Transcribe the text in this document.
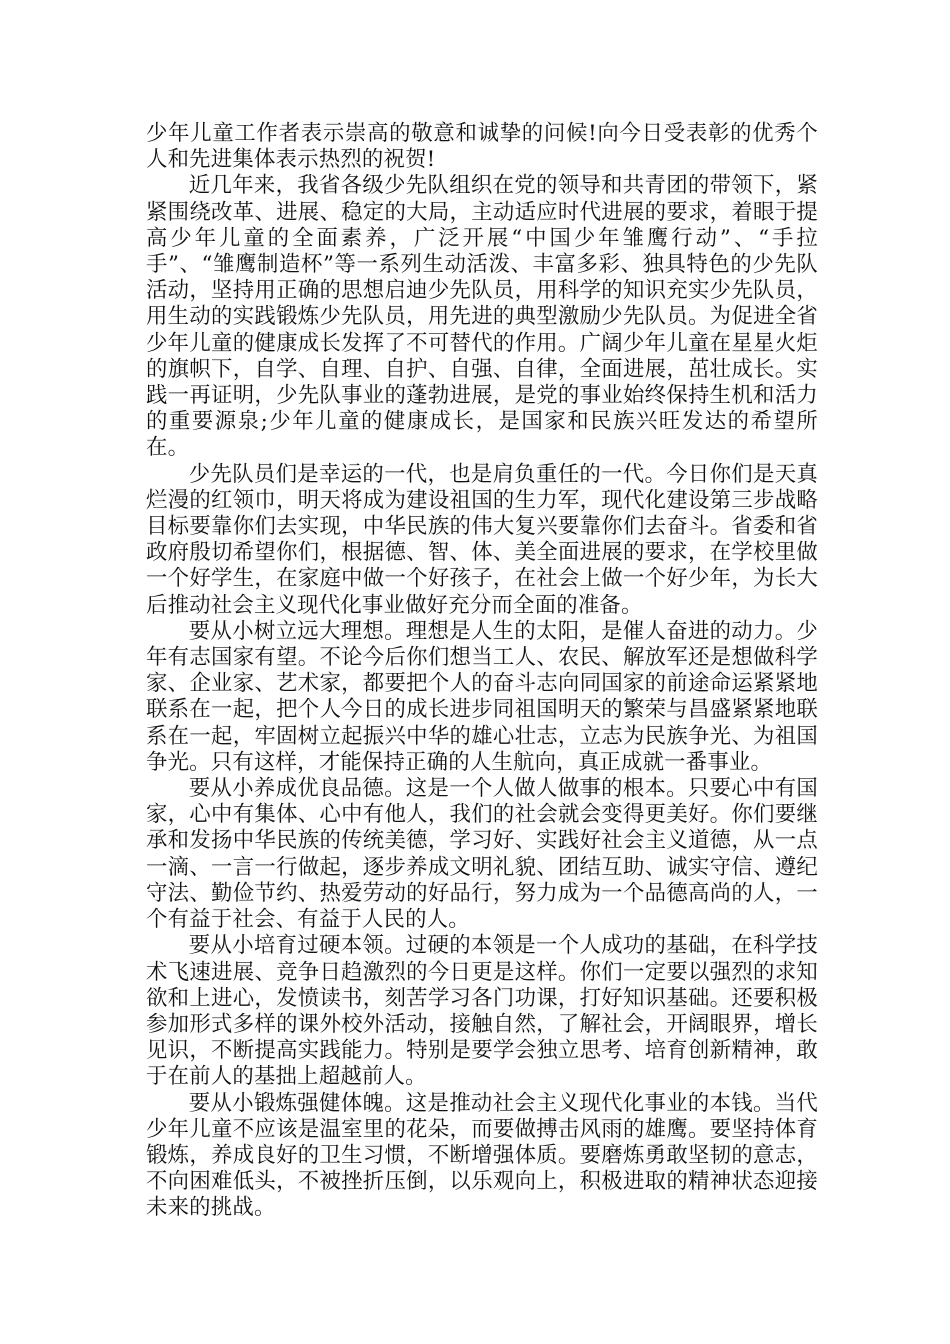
少年儿童工作者表示崇高的敬意和诚挚的问候!向今日受表彰的优秀个人和先进集体表示热烈的祝贺!

近几年来，我省各级少先队组织在党的领导和共青团的带领下，紧紧围绕改革、进展、稳定的大局，主动适应时代进展的要求，着眼于提高少年儿童的全面素养，广泛开展“中国少年雏鹰行动”、“手拉手”、“雏鹰制造杯”等一系列生动活泼、丰富多彩、独具特色的少先队活动，坚持用正确的思想启迪少先队员，用科学的知识充实少先队员，用生动的实践锻炼少先队员，用先进的典型激励少先队员。为促进全省少年儿童的健康成长发挥了不可替代的作用。广阔少年儿童在星星火炬的旗帜下，自学、自理、自护、自强、自律，全面进展，茁壮成长。实践一再证明，少先队事业的蓬勃进展，是党的事业始终保持生机和活力的重要源泉;少年儿童的健康成长，是国家和民族兴旺发达的希望所在。

少先队员们是幸运的一代，也是肩负重任的一代。今日你们是天真烂漫的红领巾，明天将成为建设祖国的生力军，现代化建设第三步战略目标要靠你们去实现，中华民族的伟大复兴要靠你们去奋斗。省委和省政府殷切希望你们，根据德、智、体、美全面进展的要求，在学校里做一个好学生，在家庭中做一个好孩子，在社会上做一个好少年，为长大后推动社会主义现代化事业做好充分而全面的准备。

要从小树立远大理想。理想是人生的太阳，是催人奋进的动力。少年有志国家有望。不论今后你们想当工人、农民、解放军还是想做科学家、企业家、艺术家，都要把个人的奋斗志向同国家的前途命运紧紧地联系在一起，把个人今日的成长进步同祖国明天的繁荣与昌盛紧紧地联系在一起，牢固树立起振兴中华的雄心壮志，立志为民族争光、为祖国争光。只有这样，才能保持正确的人生航向，真正成就一番事业。

要从小养成优良品德。这是一个人做人做事的根本。只要心中有国家，心中有集体、心中有他人，我们的社会就会变得更美好。你们要继承和发扬中华民族的传统美德，学习好、实践好社会主义道德，从一点一滴、一言一行做起，逐步养成文明礼貌、团结互助、诚实守信、遵纪守法、勤俭节约、热爱劳动的好品行，努力成为一个品德高尚的人，一个有益于社会、有益于人民的人。

要从小培育过硬本领。过硬的本领是一个人成功的基础，在科学技术飞速进展、竞争日趋激烈的今日更是这样。你们一定要以强烈的求知欲和上进心，发愤读书，刻苦学习各门功课，打好知识基础。还要积极参加形式多样的课外校外活动，接触自然，了解社会，开阔眼界，增长见识，不断提高实践能力。特别是要学会独立思考、培育创新精神，敢于在前人的基拙上超越前人。

要从小锻炼强健体魄。这是推动社会主义现代化事业的本钱。当代少年儿童不应该是温室里的花朵，而要做搏击风雨的雄鹰。要坚持体育锻炼，养成良好的卫生习惯，不断增强体质。要磨炼勇敢坚韧的意志，不向困难低头，不被挫折压倒，以乐观向上，积极进取的精神状态迎接未来的挑战。
